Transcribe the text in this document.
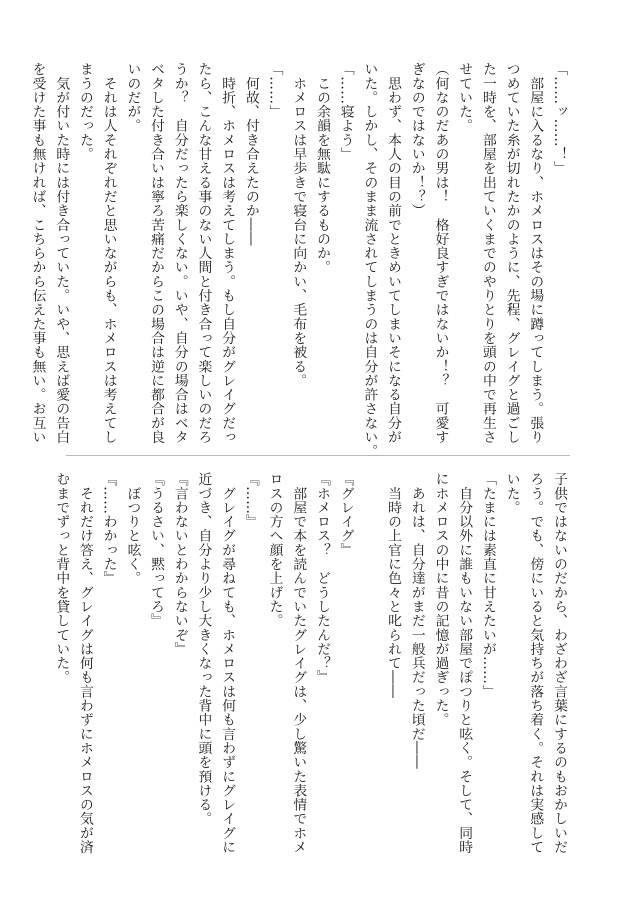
「……ッ……！」

　部屋に入るなり、ホメロスはその場に蹲ってしまう。張り

つめていた糸が切れたかのように、先程、グレイグと過ごし

た一時を、部屋を出ていくまでのやりとりを頭の中で再生さ

せていた。

（何なのだあの男は！　格好良すぎではないか！？　可愛す

ぎなのではないか！？）

　思わず、本人の目の前でときめいてしまいそになる自分が

いた。しかし、そのまま流されてしまうのは自分が許さない。

「……寝よう」

　この余韻を無駄にするものか。

　ホメロスは早歩きで寝台に向かい、毛布を被る。

「……」

　何故、付き合えたのか――

　時折、ホメロスは考えてしまう。もし自分がグレイグだっ

たら、こんな甘える事のない人間と付き合って楽しいのだろ

うか？　自分だったら楽しくない。いや、自分の場合はベタ

ベタした付き合いは寧ろ苦痛だからこの場合は逆に都合が良

いのだが。

　それは人それぞれだと思いながらも、ホメロスは考えてし

まうのだった。

　気が付いた時には付き合っていた。いや、思えば愛の告白

を受けた事も無ければ、こちらから伝えた事も無い。お互い

子供ではないのだから、わざわざ言葉にするのもおかしいだ

ろう。でも、傍にいると気持ちが落ち着く。それは実感して

いた。

「たまには素直に甘えたいが……」

　自分以外に誰もいない部屋でぽつりと呟く。そして、同時

にホメロスの中に昔の記憶が過ぎった。

　あれは、自分達がまだ一般兵だった頃だ――

　当時の上官に色々と叱られて――

『グレイグ』

『ホメロス？　どうしたんだ？』

　部屋で本を読んでいたグレイグは、少し驚いた表情でホメ

ロスの方へ顔を上げた。

『……』

　グレイグが尋ねても、ホメロスは何も言わずにグレイグに

近づき、自分より少し大きくなった背中に頭を預ける。

『言わないとわからないぞ』

『うるさい、黙ってろ』

　ぼつりと呟く。

『……わかった』

　それだけ答え、グレイグは何も言わずにホメロスの気が済

むまでずっと背中を貸していた。
